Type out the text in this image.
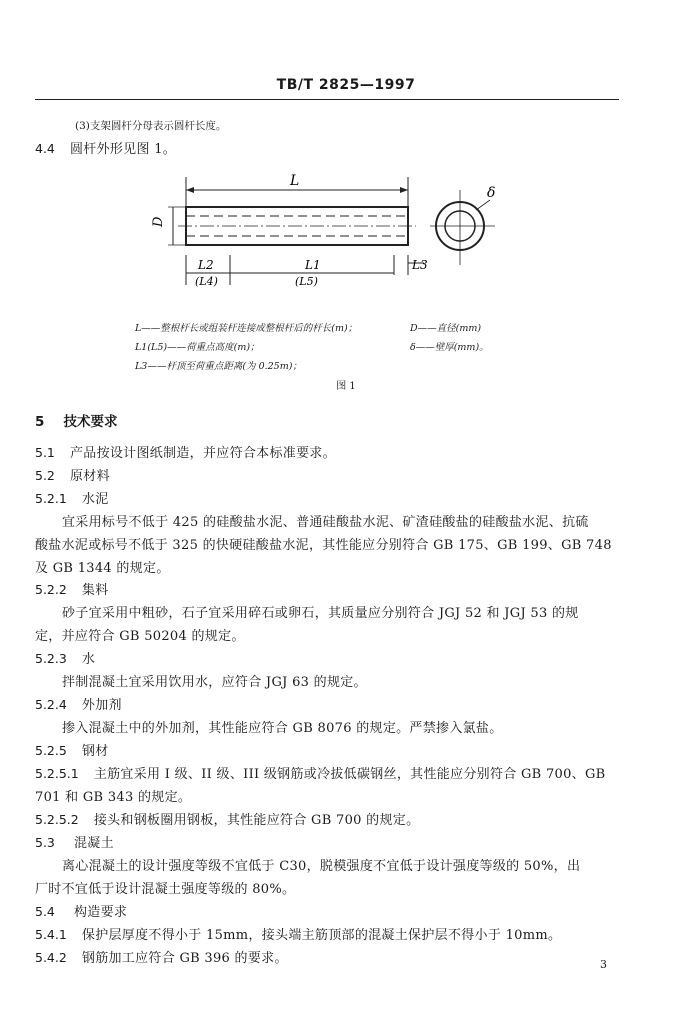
TB/T 2825—1997
(3)支架圆杆分母表示圆杆长度。
4.4 圆杆外形见图 1。
L
D
L2
(L4)
L1
(L5)
L3
δ
L——整根杆长或组装杆连接成整根杆后的杆长(m)；	D——直径(mm)
L1(L5)——荷重点高度(m)；	δ——壁厚(mm)。
L3——杆顶至荷重点距离(为 0.25m)；
图 1
5 技术要求
5.1 产品按设计图纸制造，并应符合本标准要求。
5.2 原材料
5.2.1 水泥
宜采用标号不低于 425 的硅酸盐水泥、普通硅酸盐水泥、矿渣硅酸盐的硅酸盐水泥、抗硫
酸盐水泥或标号不低于 325 的快硬硅酸盐水泥，其性能应分别符合 GB 175、GB 199、GB 748
及 GB 1344 的规定。
5.2.2 集料
砂子宜采用中粗砂，石子宜采用碎石或卵石，其质量应分别符合 JGJ 52 和 JGJ 53 的规
定，并应符合 GB 50204 的规定。
5.2.3 水
拌制混凝土宜采用饮用水，应符合 JGJ 63 的规定。
5.2.4 外加剂
掺入混凝土中的外加剂，其性能应符合 GB 8076 的规定。严禁掺入氯盐。
5.2.5 钢材
5.2.5.1 主筋宜采用 I 级、II 级、III 级钢筋或冷拔低碳钢丝，其性能应分别符合 GB 700、GB
701 和 GB 343 的规定。
5.2.5.2 接头和钢板圈用钢板，其性能应符合 GB 700 的规定。
5.3 混凝土
离心混凝土的设计强度等级不宜低于 C30，脱模强度不宜低于设计强度等级的 50%，出
厂时不宜低于设计混凝土强度等级的 80%。
5.4 构造要求
5.4.1 保护层厚度不得小于 15mm，接头端主筋顶部的混凝土保护层不得小于 10mm。
5.4.2 钢筋加工应符合 GB 396 的要求。	3
